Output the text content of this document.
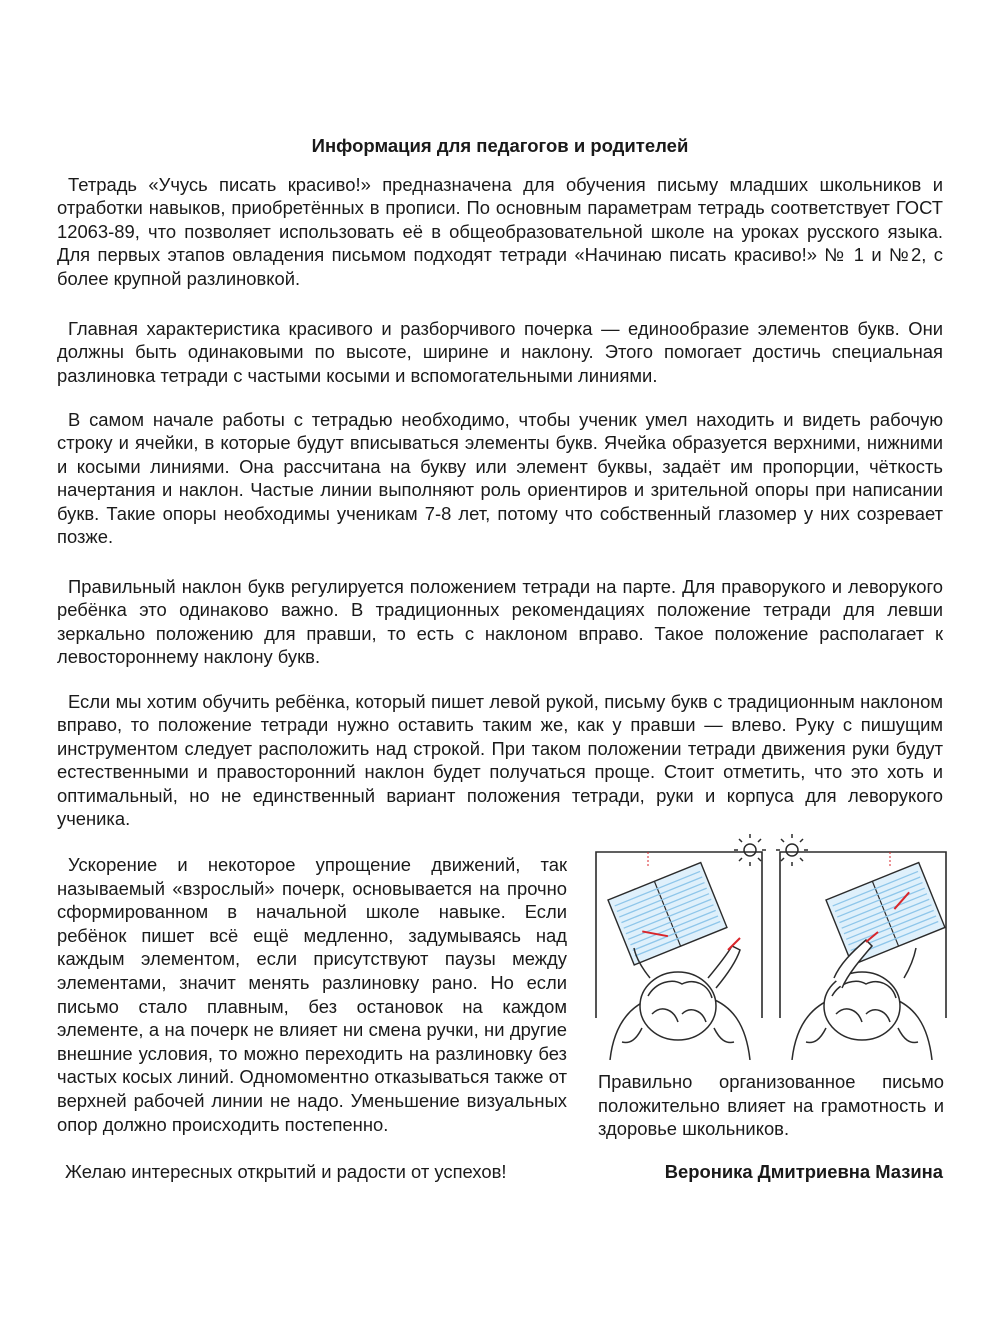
Информация для педагогов и родителей

Тетрадь «Учусь писать красиво!» предназначена для обучения письму младших школьников и отработки навыков, приобретённых в прописи. По основным параметрам тетрадь соответствует ГОСТ 12063-89, что позволяет использовать её в общеобразовательной школе на уроках русского языка. Для первых этапов овладения письмом подходят тетради «Начинаю писать красиво!» № 1 и №2, с более крупной разлиновкой.

Главная характеристика красивого и разборчивого почерка — единообразие элементов букв. Они должны быть одинаковыми по высоте, ширине и наклону. Этого помогает достичь специальная разлиновка тетради с частыми косыми и вспомогательными линиями.

В самом начале работы с тетрадью необходимо, чтобы ученик умел находить и видеть рабочую строку и ячейки, в которые будут вписываться элементы букв. Ячейка образуется верхними, нижними и косыми линиями. Она рассчитана на букву или элемент буквы, задаёт им пропорции, чёткость начертания и наклон. Частые линии выполняют роль ориентиров и зрительной опоры при написании букв. Такие опоры необходимы ученикам 7-8 лет, потому что собственный глазомер у них созревает позже.

Правильный наклон букв регулируется положением тетради на парте. Для праворукого и леворукого ребёнка это одинаково важно. В традиционных рекомендациях положение тетради для левши зеркально положению для правши, то есть с наклоном вправо. Такое положение располагает к левостороннему наклону букв.

Если мы хотим обучить ребёнка, который пишет левой рукой, письму букв с традиционным наклоном вправо, то положение тетради нужно оставить таким же, как у правши — влево. Руку с пишущим инструментом следует расположить над строкой. При таком положении тетради движения руки будут естественными и правосторонний наклон будет получаться проще. Стоит отметить, что это хоть и оптимальный, но не единственный вариант положения тетради, руки и корпуса для леворукого ученика.

Ускорение и некоторое упрощение движений, так называемый «взрослый» почерк, основывается на прочно сформированном в начальной школе навыке. Если ребёнок пишет всё ещё медленно, задумываясь над каждым элементом, если присутствуют паузы между элементами, значит менять разлиновку рано. Но если письмо стало плавным, без остановок на каждом элементе, а на почерк не влияет ни смена ручки, ни другие внешние условия, то можно переходить на разлиновку без частых косых линий. Одномоментно отказываться также от верхней рабочей линии не надо. Уменьшение визуальных опор должно происходить постепенно.

Правильно организованное письмо положительно влияет на грамотность и здоровье школьников.

Желаю интересных открытий и радости от успехов!	Вероника Дмитриевна Мазина
